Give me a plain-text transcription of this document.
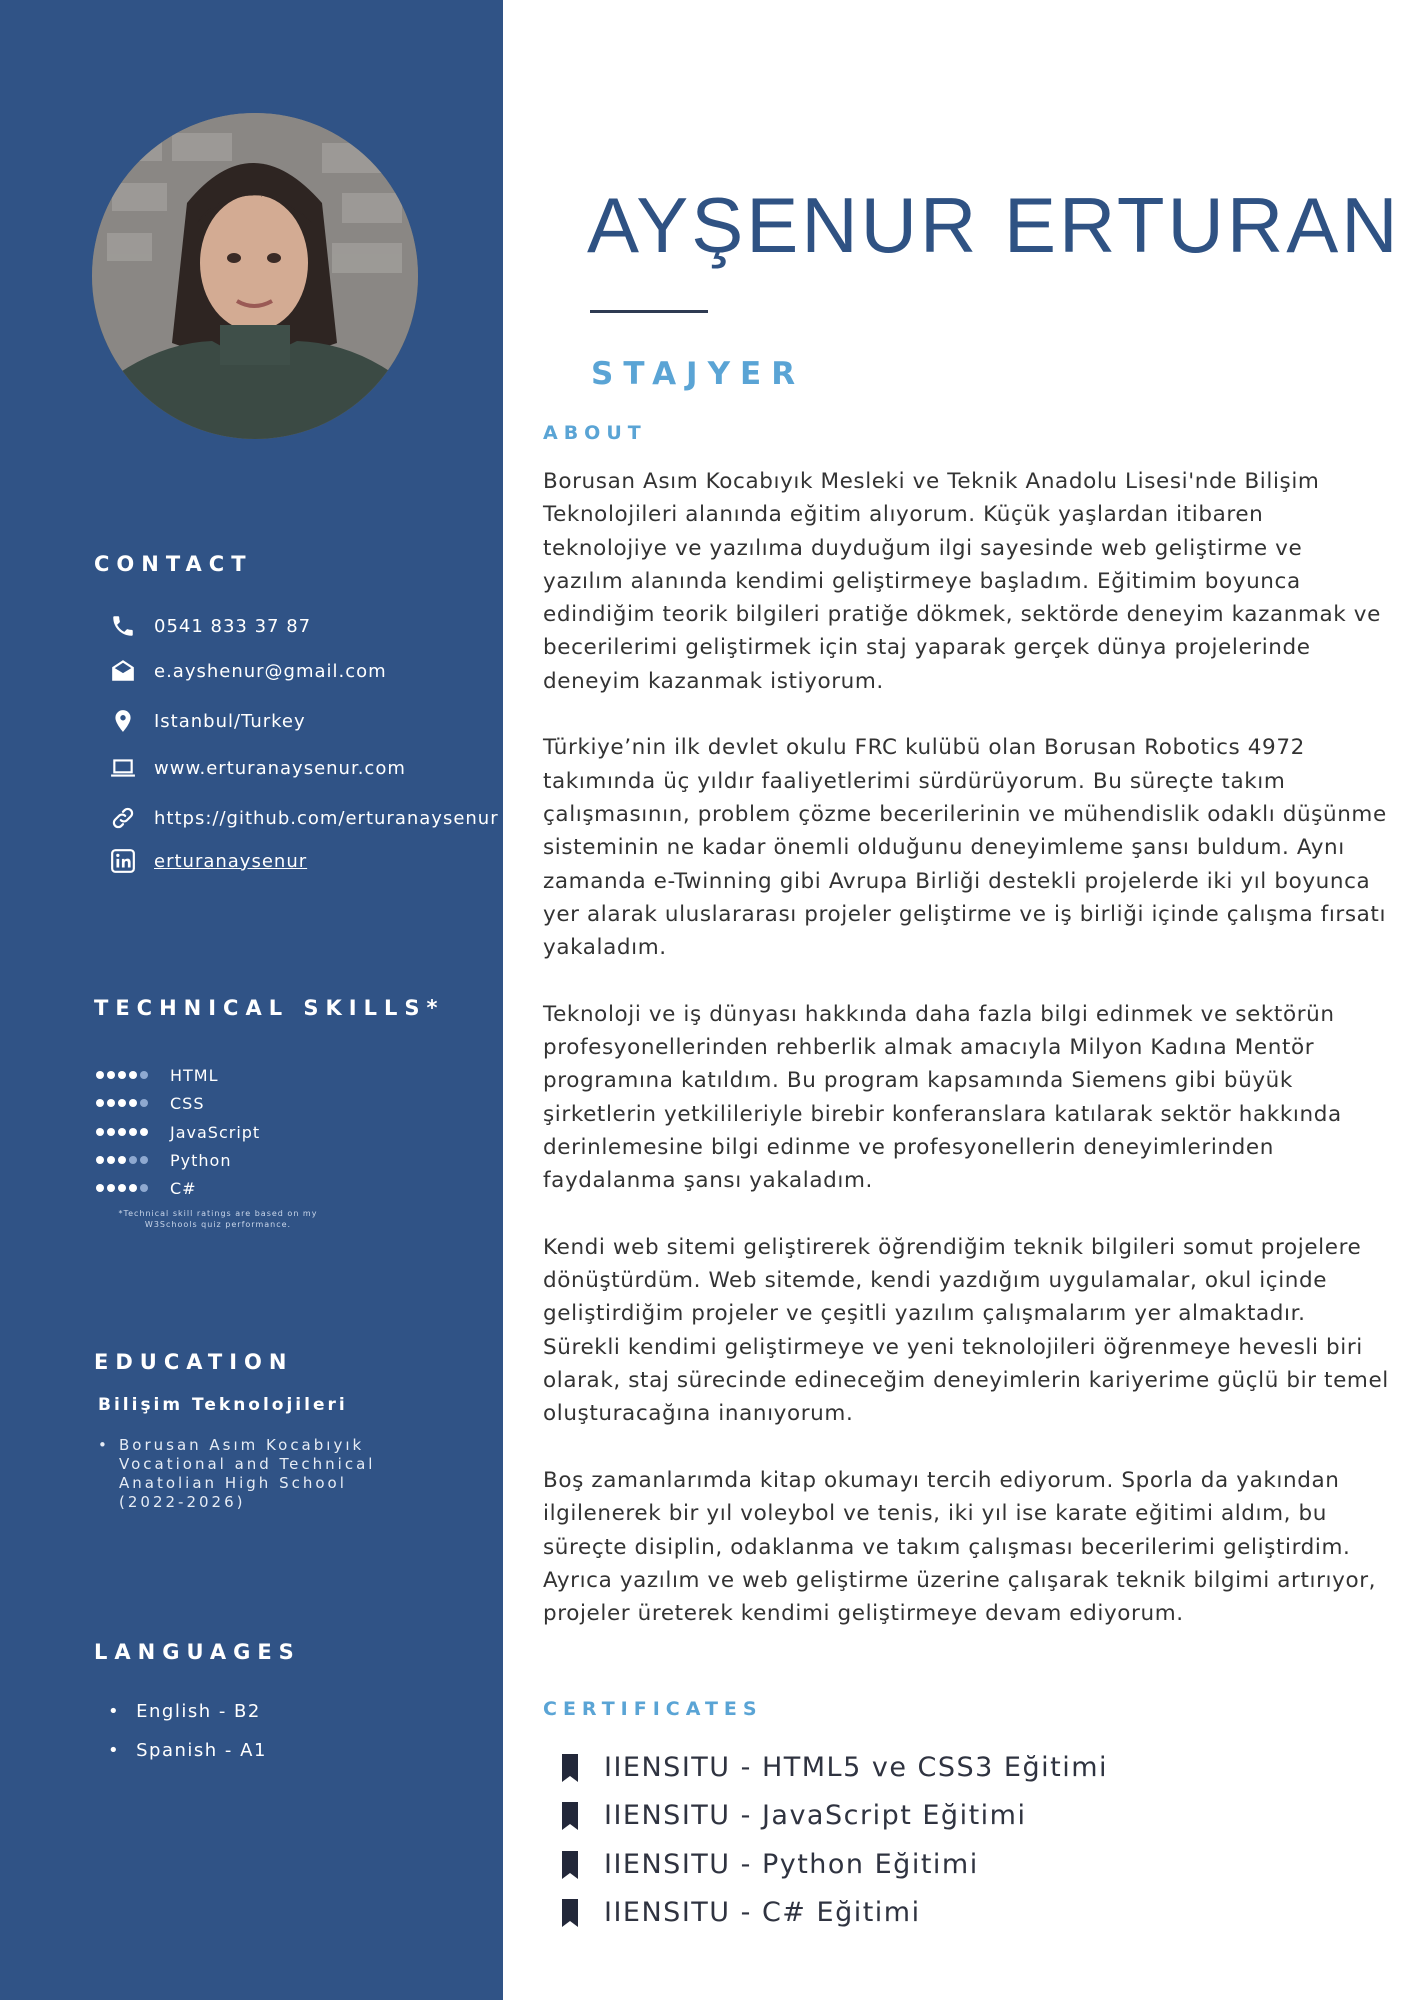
CONTACT
0541 833 37 87
e.ayshenur@gmail.com
Istanbul/Turkey
www.erturanaysenur.com
https://github.com/erturanaysenur
erturanaysenur
TECHNICAL SKILLS*
HTML
CSS
JavaScript
Python
C#
*Technical skill ratings are based on my W3Schools quiz performance.
EDUCATION
Bilişim Teknolojileri
• Borusan Asım Kocabıyık Vocational and Technical Anatolian High School (2022-2026)
LANGUAGES
• English - B2
• Spanish - A1
AYŞENUR ERTURAN
STAJYER
ABOUT

Borusan Asım Kocabıyık Mesleki ve Teknik Anadolu Lisesi'nde Bilişim Teknolojileri alanında eğitim alıyorum. Küçük yaşlardan itibaren teknolojiye ve yazılıma duyduğum ilgi sayesinde web geliştirme ve yazılım alanında kendimi geliştirmeye başladım. Eğitimim boyunca edindiğim teorik bilgileri pratiğe dökmek, sektörde deneyim kazanmak ve becerilerimi geliştirmek için staj yaparak gerçek dünya projelerinde deneyim kazanmak istiyorum.

Türkiye’nin ilk devlet okulu FRC kulübü olan Borusan Robotics 4972 takımında üç yıldır faaliyetlerimi sürdürüyorum. Bu süreçte takım çalışmasının, problem çözme becerilerinin ve mühendislik odaklı düşünme sisteminin ne kadar önemli olduğunu deneyimleme şansı buldum. Aynı zamanda e-Twinning gibi Avrupa Birliği destekli projelerde iki yıl boyunca yer alarak uluslararası projeler geliştirme ve iş birliği içinde çalışma fırsatı yakaladım.

Teknoloji ve iş dünyası hakkında daha fazla bilgi edinmek ve sektörün profesyonellerinden rehberlik almak amacıyla Milyon Kadına Mentör programına katıldım. Bu program kapsamında Siemens gibi büyük şirketlerin yetkilileriyle birebir konferanslara katılarak sektör hakkında derinlemesine bilgi edinme ve profesyonellerin deneyimlerinden faydalanma şansı yakaladım.

Kendi web sitemi geliştirerek öğrendiğim teknik bilgileri somut projelere dönüştürdüm. Web sitemde, kendi yazdığım uygulamalar, okul içinde geliştirdiğim projeler ve çeşitli yazılım çalışmalarım yer almaktadır. Sürekli kendimi geliştirmeye ve yeni teknolojileri öğrenmeye hevesli biri olarak, staj sürecinde edineceğim deneyimlerin kariyerime güçlü bir temel oluşturacağına inanıyorum.

Boş zamanlarımda kitap okumayı tercih ediyorum. Sporla da yakından ilgilenerek bir yıl voleybol ve tenis, iki yıl ise karate eğitimi aldım, bu süreçte disiplin, odaklanma ve takım çalışması becerilerimi geliştirdim. Ayrıca yazılım ve web geliştirme üzerine çalışarak teknik bilgimi artırıyor, projeler üreterek kendimi geliştirmeye devam ediyorum.

CERTIFICATES
IIENSITU - HTML5 ve CSS3 Eğitimi
IIENSITU - JavaScript Eğitimi
IIENSITU - Python Eğitimi
IIENSITU - C# Eğitimi
